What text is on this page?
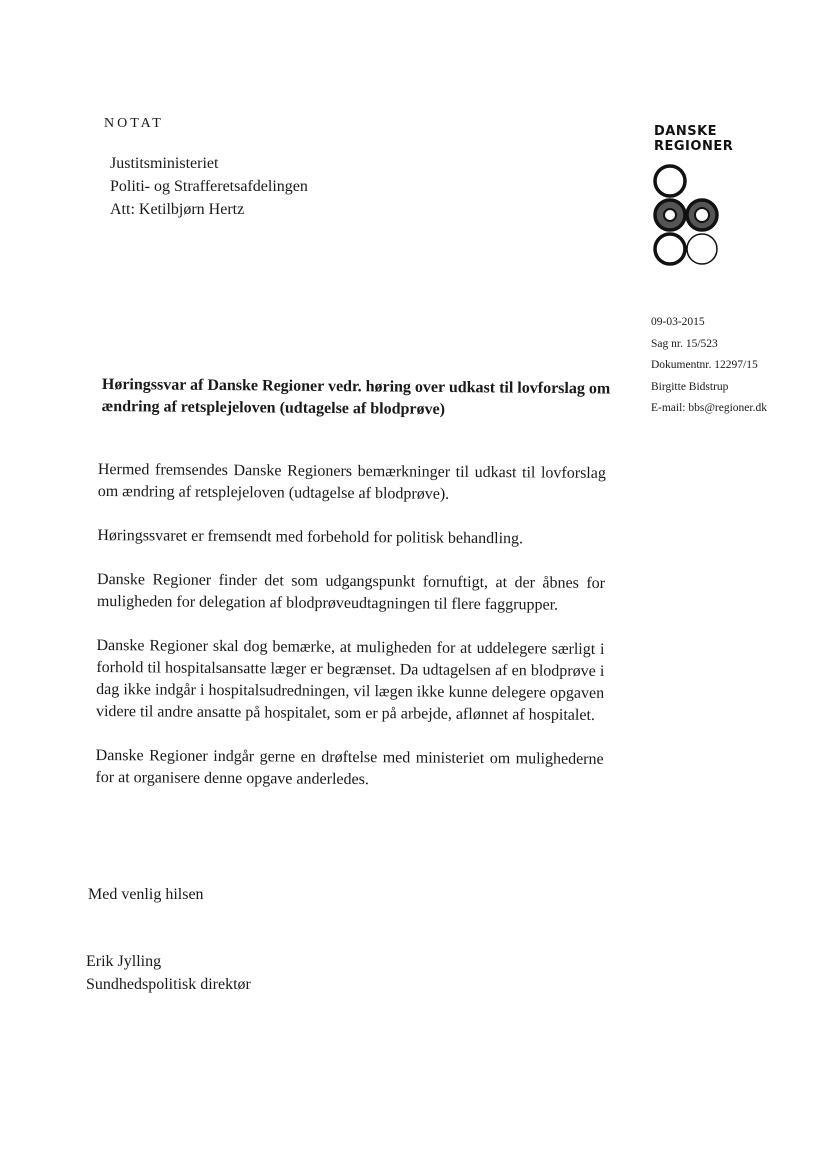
NOTAT
Justitsministeriet
Politi- og Strafferetsafdelingen
Att: Ketilbjørn Hertz
DANSKE
REGIONER
09-03-2015
Sag nr. 15/523
Dokumentnr. 12297/15
Birgitte Bidstrup
E-mail: bbs@regioner.dk
Høringssvar af Danske Regioner vedr. høring over udkast til lovforslag om ændring af retsplejeloven (udtagelse af blodprøve)

Hermed fremsendes Danske Regioners bemærkninger til udkast til lovforslag om ændring af retsplejeloven (udtagelse af blodprøve).

Høringssvaret er fremsendt med forbehold for politisk behandling.

Danske Regioner finder det som udgangspunkt fornuftigt, at der åbnes for muligheden for delegation af blodprøveudtagningen til flere faggrupper.

Danske Regioner skal dog bemærke, at muligheden for at uddelegere særligt i forhold til hospitalsansatte læger er begrænset. Da udtagelsen af en blodprøve i dag ikke indgår i hospitalsudredningen, vil lægen ikke kunne delegere opgaven videre til andre ansatte på hospitalet, som er på arbejde, aflønnet af hospitalet.

Danske Regioner indgår gerne en drøftelse med ministeriet om mulighederne for at organisere denne opgave anderledes.

Med venlig hilsen
Erik Jylling
Sundhedspolitisk direktør
